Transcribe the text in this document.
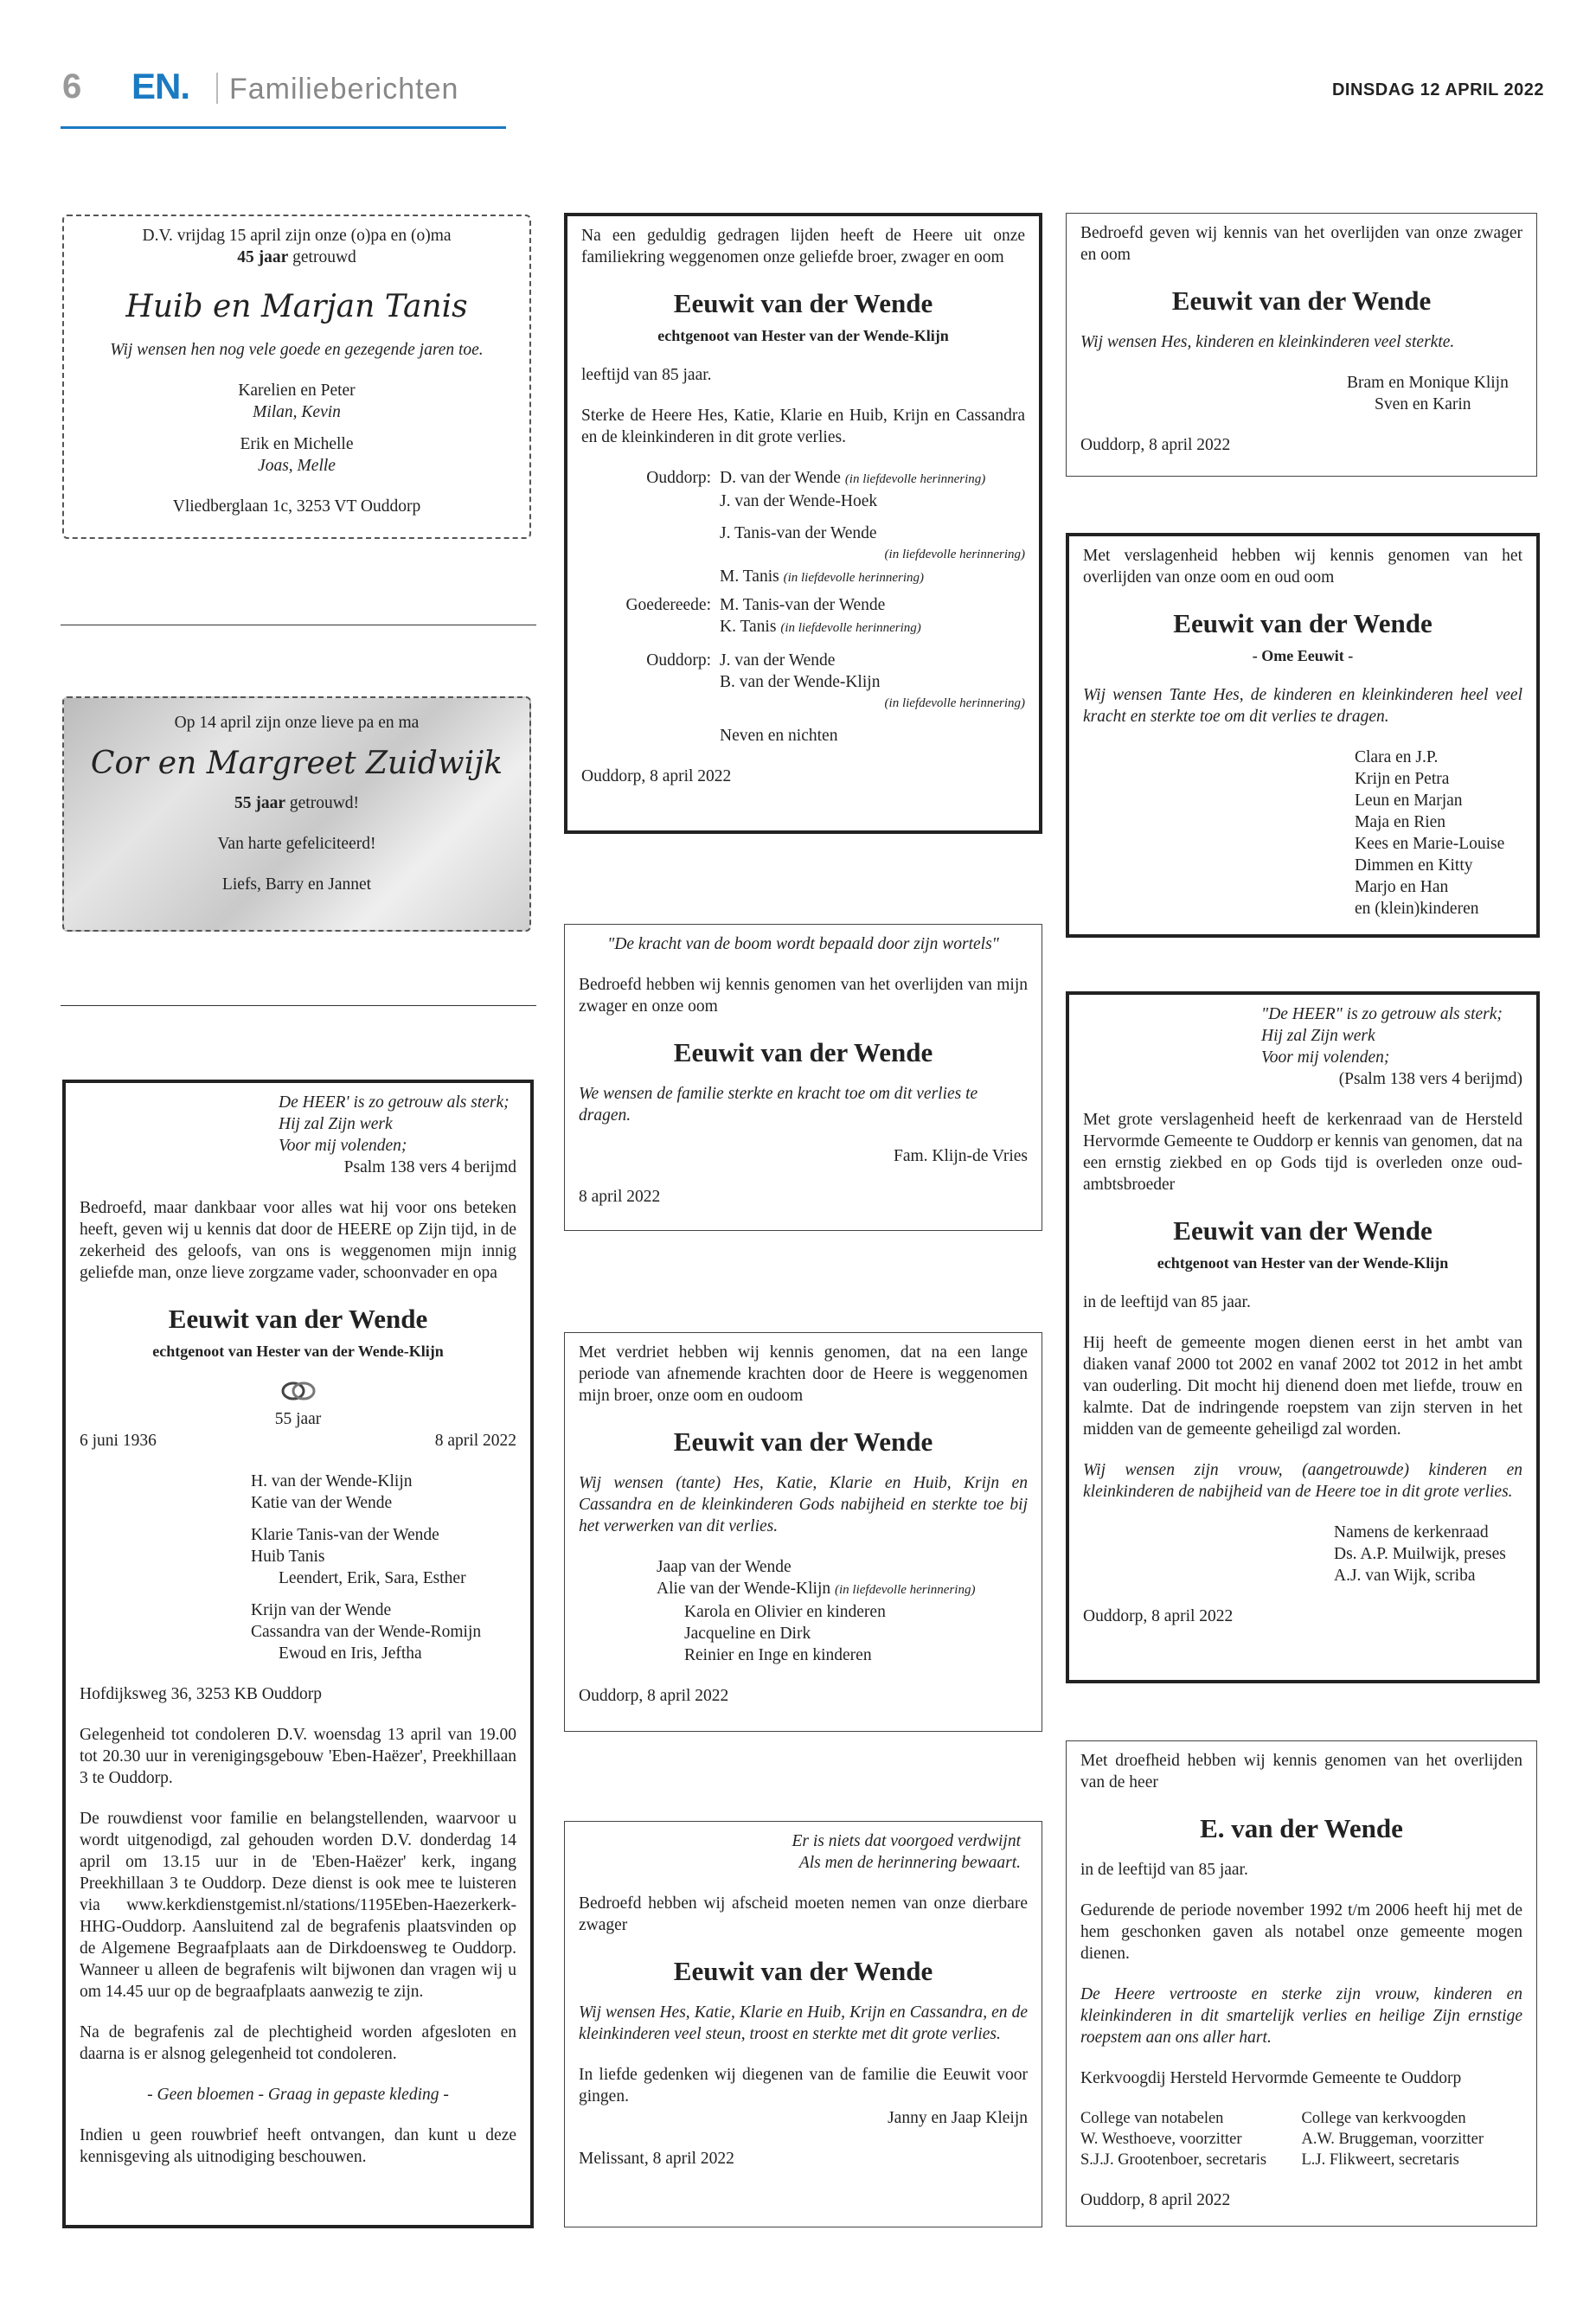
6 EN. Familieberichten	DINSDAG 12 APRIL 2022
D.V. vrijdag 15 april zijn onze (o)pa en (o)ma
45 jaar getrouwd
Huib en Marjan Tanis
Wij wensen hen nog vele goede en gezegende jaren toe.
Karelien en Peter
Milan, Kevin
Erik en Michelle
Joas, Melle
Vliedberglaan 1c, 3253 VT Ouddorp
Op 14 april zijn onze lieve pa en ma
Cor en Margreet Zuidwijk
55 jaar getrouwd!
Van harte gefeliciteerd!
Liefs, Barry en Jannet
De HEER' is zo getrouw als sterk;
Hij zal Zijn werk
Voor mij volenden;
Psalm 138 vers 4 berijmd
Bedroefd, maar dankbaar voor alles wat hij voor ons beteken heeft, geven wij u kennis dat door de HEERE op Zijn tijd, in de zekerheid des geloofs, van ons is weggenomen mijn innig geliefde man, onze lieve zorgzame vader, schoonvader en opa
Eeuwit van der Wende
echtgenoot van Hester van der Wende-Klijn
55 jaar
6 juni 1936	8 april 2022
H. van der Wende-Klijn
Katie van der Wende
Klarie Tanis-van der Wende
Huib Tanis
Leendert, Erik, Sara, Esther
Krijn van der Wende
Cassandra van der Wende-Romijn
Ewoud en Iris, Jeftha
Hofdijksweg 36, 3253 KB Ouddorp
Gelegenheid tot condoleren D.V. woensdag 13 april van 19.00 tot 20.30 uur in verenigingsgebouw 'Eben-Haëzer', Preekhillaan 3 te Ouddorp.
De rouwdienst voor familie en belangstellenden, waarvoor u wordt uitgenodigd, zal gehouden worden D.V. donderdag 14 april om 13.15 uur in de 'Eben-Haëzer' kerk, ingang Preekhillaan 3 te Ouddorp. Deze dienst is ook mee te luisteren via www.kerkdienstgemist.nl/stations/1195Eben-Haezerkerk-HHG-Ouddorp. Aansluitend zal de begrafenis plaatsvinden op de Algemene Begraafplaats aan de Dirkdoensweg te Ouddorp. Wanneer u alleen de begrafenis wilt bijwonen dan vragen wij u om 14.45 uur op de begraafplaats aanwezig te zijn.
Na de begrafenis zal de plechtigheid worden afgesloten en daarna is er alsnog gelegenheid tot condoleren.
- Geen bloemen - Graag in gepaste kleding -
Indien u geen rouwbrief heeft ontvangen, dan kunt u deze kennisgeving als uitnodiging beschouwen.
Na een geduldig gedragen lijden heeft de Heere uit onze familiekring weggenomen onze geliefde broer, zwager en oom
Eeuwit van der Wende
echtgenoot van Hester van der Wende-Klijn
leeftijd van 85 jaar.
Sterke de Heere Hes, Katie, Klarie en Huib, Krijn en Cassandra en de kleinkinderen in dit grote verlies.
Ouddorp: D. van der Wende (in liefdevolle herinnering)
J. van der Wende-Hoek
J. Tanis-van der Wende
(in liefdevolle herinnering)
M. Tanis (in liefdevolle herinnering)
Goedereede: M. Tanis-van der Wende
K. Tanis (in liefdevolle herinnering)
Ouddorp: J. van der Wende
B. van der Wende-Klijn
(in liefdevolle herinnering)
Neven en nichten
Ouddorp, 8 april 2022
"De kracht van de boom wordt bepaald door zijn wortels"
Bedroefd hebben wij kennis genomen van het overlijden van mijn zwager en onze oom
Eeuwit van der Wende
We wensen de familie sterkte en kracht toe om dit verlies te dragen.
Fam. Klijn-de Vries
8 april 2022
Met verdriet hebben wij kennis genomen, dat na een lange periode van afnemende krachten door de Heere is weggenomen mijn broer, onze oom en oudoom
Eeuwit van der Wende
Wij wensen (tante) Hes, Katie, Klarie en Huib, Krijn en Cassandra en de kleinkinderen Gods nabijheid en sterkte toe bij het verwerken van dit verlies.
Jaap van der Wende
Alie van der Wende-Klijn (in liefdevolle herinnering)
Karola en Olivier en kinderen
Jacqueline en Dirk
Reinier en Inge en kinderen
Ouddorp, 8 april 2022
Er is niets dat voorgoed verdwijnt
Als men de herinnering bewaart.
Bedroefd hebben wij afscheid moeten nemen van onze dierbare zwager
Eeuwit van der Wende
Wij wensen Hes, Katie, Klarie en Huib, Krijn en Cassandra, en de kleinkinderen veel steun, troost en sterkte met dit grote verlies.
In liefde gedenken wij diegenen van de familie die Eeuwit voor gingen.
Janny en Jaap Kleijn
Melissant, 8 april 2022
Bedroefd geven wij kennis van het overlijden van onze zwager en oom
Eeuwit van der Wende
Wij wensen Hes, kinderen en kleinkinderen veel sterkte.
Bram en Monique Klijn
Sven en Karin
Ouddorp, 8 april 2022
Met verslagenheid hebben wij kennis genomen van het overlijden van onze oom en oud oom
Eeuwit van der Wende
- Ome Eeuwit -
Wij wensen Tante Hes, de kinderen en kleinkinderen heel veel kracht en sterkte toe om dit verlies te dragen.
Clara en J.P.
Krijn en Petra
Leun en Marjan
Maja en Rien
Kees en Marie-Louise
Dimmen en Kitty
Marjo en Han
en (klein)kinderen
"De HEER" is zo getrouw als sterk;
Hij zal Zijn werk
Voor mij volenden;
(Psalm 138 vers 4 berijmd)
Met grote verslagenheid heeft de kerkenraad van de Hersteld Hervormde Gemeente te Ouddorp er kennis van genomen, dat na een ernstig ziekbed en op Gods tijd is overleden onze oud-ambtsbroeder
Eeuwit van der Wende
echtgenoot van Hester van der Wende-Klijn
in de leeftijd van 85 jaar.
Hij heeft de gemeente mogen dienen eerst in het ambt van diaken vanaf 2000 tot 2002 en vanaf 2002 tot 2012 in het ambt van ouderling. Dit mocht hij dienend doen met liefde, trouw en kalmte. Dat de indringende roepstem van zijn sterven in het midden van de gemeente geheiligd zal worden.
Wij wensen zijn vrouw, (aangetrouwde) kinderen en kleinkinderen de nabijheid van de Heere toe in dit grote verlies.
Namens de kerkenraad
Ds. A.P. Muilwijk, preses
A.J. van Wijk, scriba
Ouddorp, 8 april 2022
Met droefheid hebben wij kennis genomen van het overlijden van de heer
E. van der Wende
in de leeftijd van 85 jaar.
Gedurende de periode november 1992 t/m 2006 heeft hij met de hem geschonken gaven als notabel onze gemeente mogen dienen.
De Heere vertrooste en sterke zijn vrouw, kinderen en kleinkinderen in dit smartelijk verlies en heilige Zijn ernstige roepstem aan ons aller hart.
Kerkvoogdij Hersteld Hervormde Gemeente te Ouddorp
College van notabelen
W. Westhoeve, voorzitter
S.J.J. Grootenboer, secretaris
College van kerkvoogden
A.W. Bruggeman, voorzitter
L.J. Flikweert, secretaris
Ouddorp, 8 april 2022
